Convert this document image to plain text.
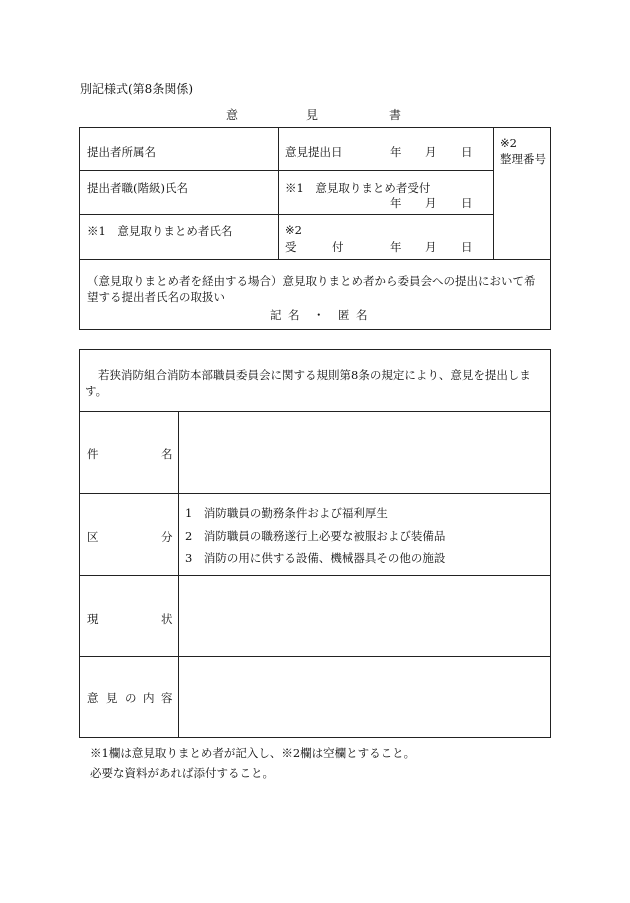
別記様式(第8条関係)
意	見	書
提出者所属名	意見提出日	年 月 日
※2
整理番号
提出者職(階級)氏名	※1　意見取りまとめ者受付
年 月 日
※1　意見取りまとめ者氏名	※2
受	付	年 月 日
（意見取りまとめ者を経由する場合）意見取りまとめ者から委員会への提出において希
望する提出者氏名の取扱い
記 名 ・ 匿 名
若狭消防組合消防本部職員委員会に関する規則第8条の規定により、意見を提出しま
す。
件	名
区	分
1　消防職員の勤務条件および福利厚生
2　消防職員の職務遂行上必要な被服および装備品
3　消防の用に供する設備、機械器具その他の施設
現	状
意 見 の 内 容
※1欄は意見取りまとめ者が記入し、※2欄は空欄とすること。
必要な資料があれば添付すること。
